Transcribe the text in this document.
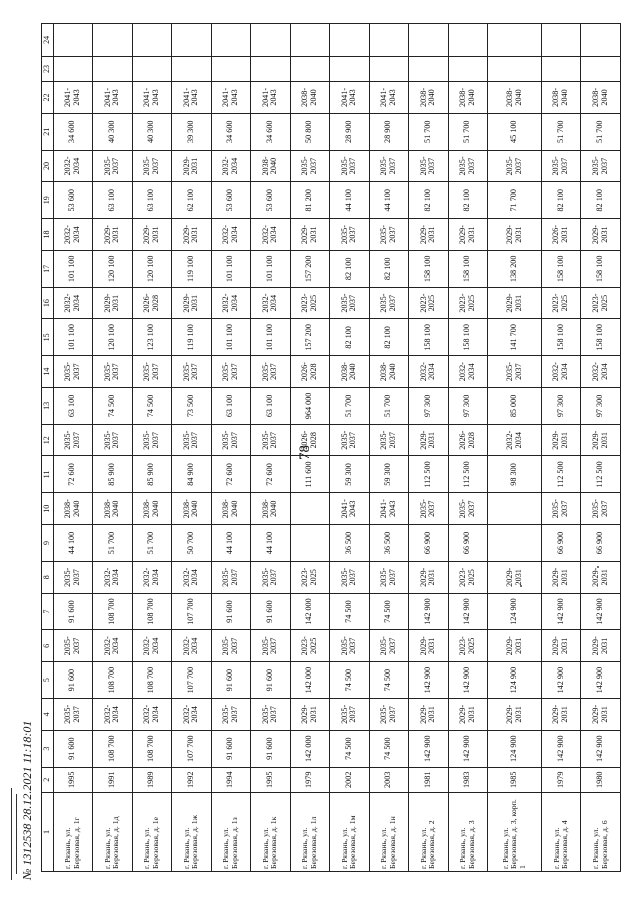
78
1	2	3	4	5	6	7	8	9	10	11	12	13	14	15	16	17	18	19	20	21	22	23	24
г. Рязань, ул. Березовая, д. 1г	1995	91 600	2035-2037	91 600	2035-2037	91 600	2035-2037	44 100	2038-2040	72 600	2035-2037	63 100	2035-2037	101 100	2032-2034	101 100	2032-2034	53 600	2032-2034	34 600	2041-2043		
г. Рязань, ул. Березовая, д. 1д	1991	108 700	2032-2034	108 700	2032-2034	108 700	2032-2034	51 700	2038-2040	85 900	2035-2037	74 500	2035-2037	120 100	2029-2031	120 100	2029-2031	63 100	2035-2037	40 300	2041-2043		
г. Рязань, ул. Березовая, д. 1е	1989	108 700	2032-2034	108 700	2032-2034	108 700	2032-2034	51 700	2038-2040	85 900	2035-2037	74 500	2035-2037	123 100	2026-2028	120 100	2029-2031	63 100	2035-2037	40 300	2041-2043		
г. Рязань, ул. Березовая, д. 1ж	1992	107 700	2032-2034	107 700	2032-2034	107 700	2032-2034	50 700	2038-2040	84 900	2035-2037	73 500	2035-2037	119 100	2029-2031	119 100	2029-2031	62 100	2029-2031	39 300	2041-2043		
г. Рязань, ул. Березовая, д. 1з	1994	91 600	2035-2037	91 600	2035-2037	91 600	2035-2037	44 100	2038-2040	72 600	2035-2037	63 100	2035-2037	101 100	2032-2034	101 100	2032-2034	53 600	2032-2034	34 600	2041-2043		
г. Рязань, ул. Березовая, д. 1к	1995	91 600	2035-2037	91 600	2035-2037	91 600	2035-2037	44 100	2038-2040	72 600	2035-2037	63 100	2035-2037	101 100	2032-2034	101 100	2032-2034	53 600	2038-2040	34 600	2041-2043		
г. Рязань, ул. Березовая, д. 1л	1979	142 000	2029-2031	142 000	2023-2025	142 000	2023-2025			111 600	2026-2028	964 000	2026-2028	157 200	2023-2025	157 200	2029-2031	81 200	2035-2037	50 800	2038-2040		
г. Рязань, ул. Березовая, д. 1м	2002	74 500	2035-2037	74 500	2035-2037	74 500	2035-2037	36 500	2041-2043	59 300	2035-2037	51 700	2038-2040	82 100	2035-2037	82 100	2035-2037	44 100	2035-2037	28 900	2041-2043		
г. Рязань, ул. Березовая, д. 1н	2003	74 500	2035-2037	74 500	2035-2037	74 500	2035-2037	36 500	2041-2043	59 300	2035-2037	51 700	2038-2040	82 100	2035-2037	82 100	2035-2037	44 100	2035-2037	28 900	2041-2043		
г. Рязань, ул. Березовая, д. 2	1981	142 900	2029-2031	142 900	2029-2031	142 900	2029-2031	66 900	2035-2037	112 500	2029-2031	97 300	2032-2034	158 100	2023-2025	158 100	2029-2031	82 100	2035-2037	51 700	2038-2040		
г. Рязань, ул. Березовая, д. 3	1983	142 900	2029-2031	142 900	2023-2025	142 900	2023-2025	66 900	2035-2037	112 500	2026-2028	97 300	2032-2034	158 100	2023-2025	158 100	2029-2031	82 100	2035-2037	51 700	2038-2040		
г. Рязань, ул. Березовая, д. 3, корп. 1	1985	124 900	2029-2031	124 900	2029-2031	124 900	2029-2031			98 300	2032-2034	85 000	2035-2037	141 700	2029-2031	138 200	2029-2031	71 700	2035-2037	45 100	2038-2040		
г. Рязань, ул. Березовая, д. 4	1979	142 900	2029-2031	142 900	2029-2031	142 900	2029-2031	66 900	2035-2037	112 500	2029-2031	97 300	2032-2034	158 100	2023-2025	158 100	2026-2031	82 100	2035-2037	51 700	2038-2040		
г. Рязань, ул. Березовая, д. 6	1980	142 900	2029-2031	142 900	2029-2031	142 900	2029-2031	66 900	2035-2037	112 500	2029-2031	97 300	2032-2034	158 100	2023-2025	158 100	2029-2031	82 100	2035-2037	51 700	2038-2040		
№ 1312538 28.12.2021 11:18:01
